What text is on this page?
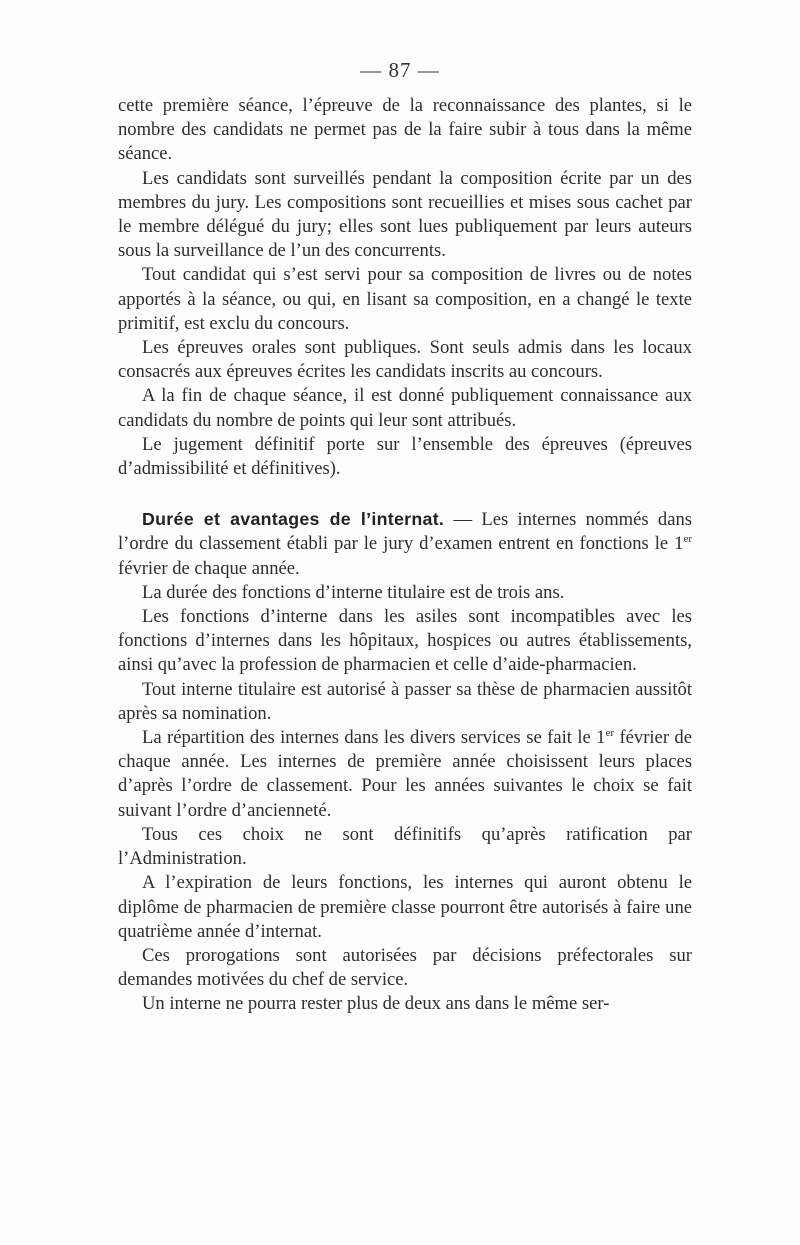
— 87 —

cette première séance, l’épreuve de la reconnaissance des plantes, si le nombre des candidats ne permet pas de la faire subir à tous dans la même séance.

Les candidats sont surveillés pendant la composition écrite par un des membres du jury. Les compositions sont recueillies et mises sous cachet par le membre délégué du jury; elles sont lues publiquement par leurs auteurs sous la surveillance de l’un des concurrents.

Tout candidat qui s’est servi pour sa composition de livres ou de notes apportés à la séance, ou qui, en lisant sa composition, en a changé le texte primitif, est exclu du concours.

Les épreuves orales sont publiques. Sont seuls admis dans les locaux consacrés aux épreuves écrites les candidats inscrits au concours.

A la fin de chaque séance, il est donné publiquement connaissance aux candidats du nombre de points qui leur sont attribués.

Le jugement définitif porte sur l’ensemble des épreuves (épreuves d’admissibilité et définitives).

Durée et avantages de l’internat. — Les internes nommés dans l’ordre du classement établi par le jury d’examen entrent en fonctions le 1er février de chaque année.

La durée des fonctions d’interne titulaire est de trois ans.

Les fonctions d’interne dans les asiles sont incompatibles avec les fonctions d’internes dans les hôpitaux, hospices ou autres établissements, ainsi qu’avec la profession de pharmacien et celle d’aide-pharmacien.

Tout interne titulaire est autorisé à passer sa thèse de pharmacien aussitôt après sa nomination.

La répartition des internes dans les divers services se fait le 1er février de chaque année. Les internes de première année choisissent leurs places d’après l’ordre de classement. Pour les années suivantes le choix se fait suivant l’ordre d’ancienneté.

Tous ces choix ne sont définitifs qu’après ratification par l’Administration.

A l’expiration de leurs fonctions, les internes qui auront obtenu le diplôme de pharmacien de première classe pourront être autorisés à faire une quatrième année d’internat.

Ces prorogations sont autorisées par décisions préfectorales sur demandes motivées du chef de service.

Un interne ne pourra rester plus de deux ans dans le même ser-
